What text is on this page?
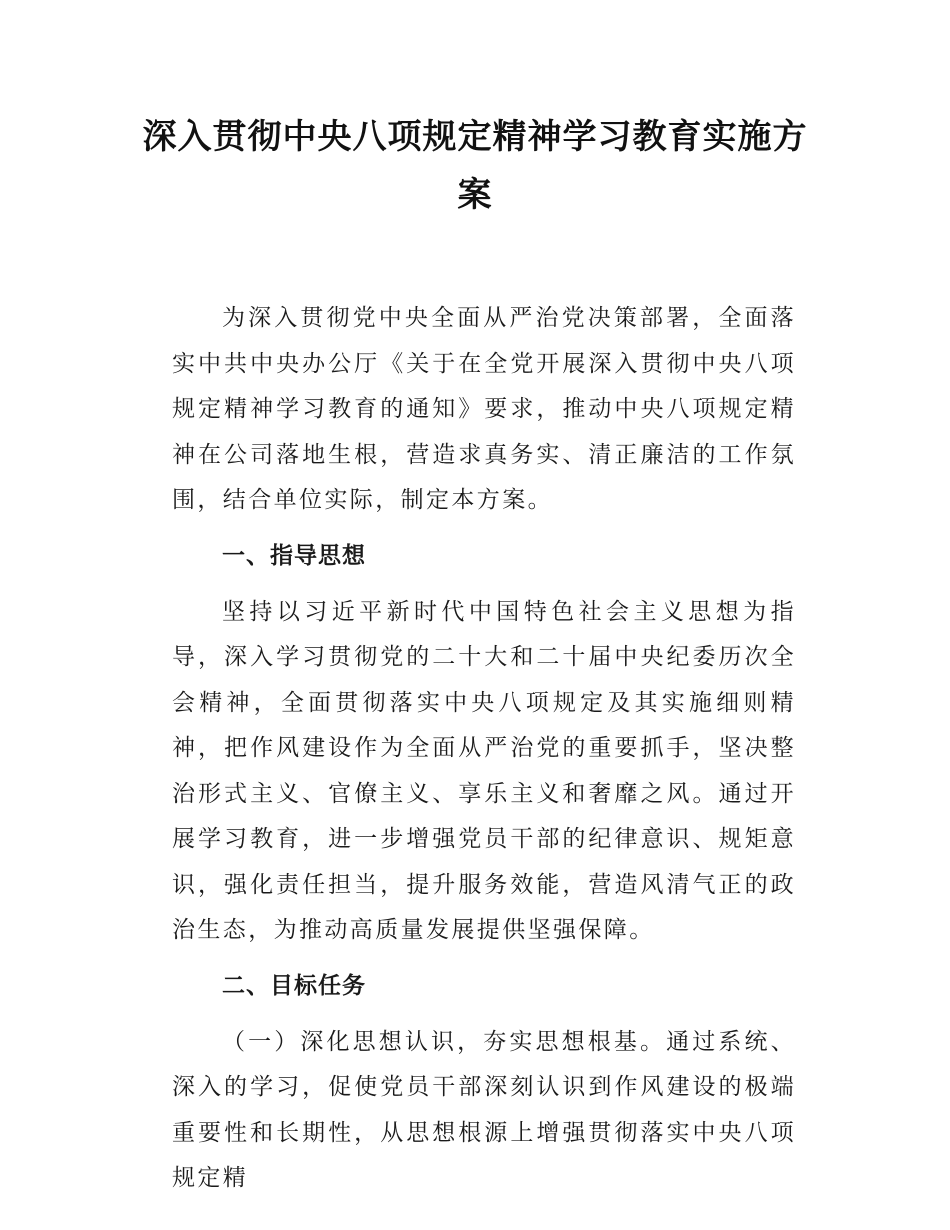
深入贯彻中央八项规定精神学习教育实施方案

为深入贯彻党中央全面从严治党决策部署，全面落实中共中央办公厅《关于在全党开展深入贯彻中央八项规定精神学习教育的通知》要求，推动中央八项规定精神在公司落地生根，营造求真务实、清正廉洁的工作氛围，结合单位实际，制定本方案。

一、指导思想

坚持以习近平新时代中国特色社会主义思想为指导，深入学习贯彻党的二十大和二十届中央纪委历次全会精神，全面贯彻落实中央八项规定及其实施细则精神，把作风建设作为全面从严治党的重要抓手，坚决整治形式主义、官僚主义、享乐主义和奢靡之风。通过开展学习教育，进一步增强党员干部的纪律意识、规矩意识，强化责任担当，提升服务效能，营造风清气正的政治生态，为推动高质量发展提供坚强保障。

二、目标任务

（一）深化思想认识，夯实思想根基。通过系统、深入的学习，促使党员干部深刻认识到作风建设的极端重要性和长期性，从思想根源上增强贯彻落实中央八项规定精
